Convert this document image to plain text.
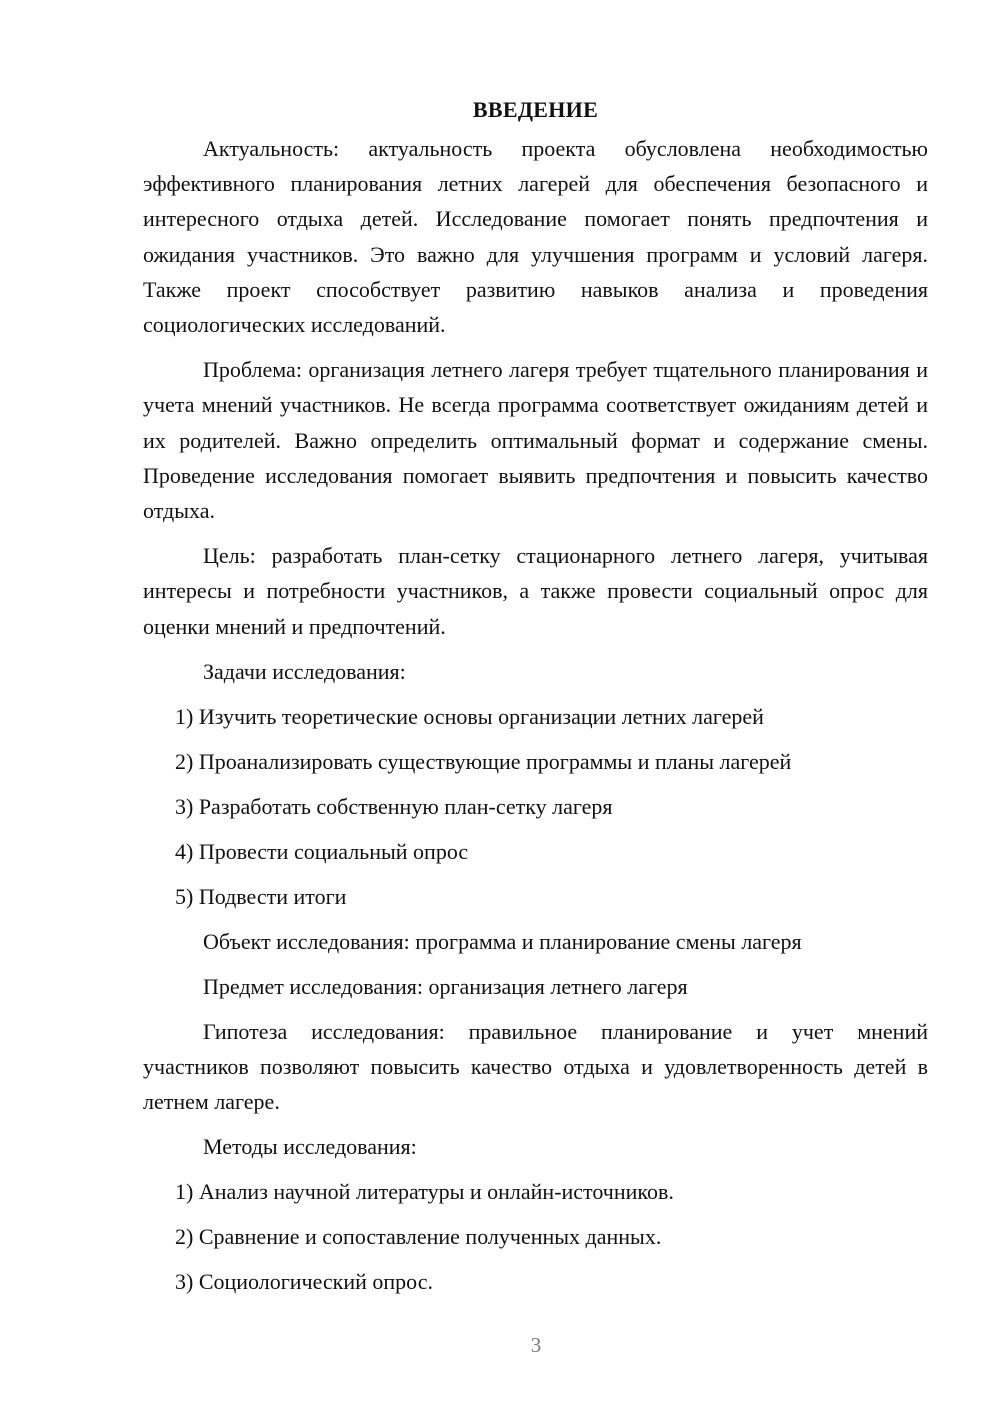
ВВЕДЕНИЕ

Актуальность: актуальность проекта обусловлена необходимостью эффективного планирования летних лагерей для обеспечения безопасного и интересного отдыха детей. Исследование помогает понять предпочтения и ожидания участников. Это важно для улучшения программ и условий лагеря. Также проект способствует развитию навыков анализа и проведения социологических исследований.

Проблема: организация летнего лагеря требует тщательного планирования и учета мнений участников. Не всегда программа соответствует ожиданиям детей и их родителей. Важно определить оптимальный формат и содержание смены. Проведение исследования помогает выявить предпочтения и повысить качество отдыха.

Цель: разработать план-сетку стационарного летнего лагеря, учитывая интересы и потребности участников, а также провести социальный опрос для оценки мнений и предпочтений.

Задачи исследования:
1) Изучить теоретические основы организации летних лагерей
2) Проанализировать существующие программы и планы лагерей
3) Разработать собственную план-сетку лагеря
4) Провести социальный опрос
5) Подвести итоги
Объект исследования: программа и планирование смены лагеря
Предмет исследования: организация летнего лагеря

Гипотеза исследования: правильное планирование и учет мнений участников позволяют повысить качество отдыха и удовлетворенность детей в летнем лагере.

Методы исследования:
1) Анализ научной литературы и онлайн-источников.
2) Сравнение и сопоставление полученных данных.
3) Социологический опрос.
3
